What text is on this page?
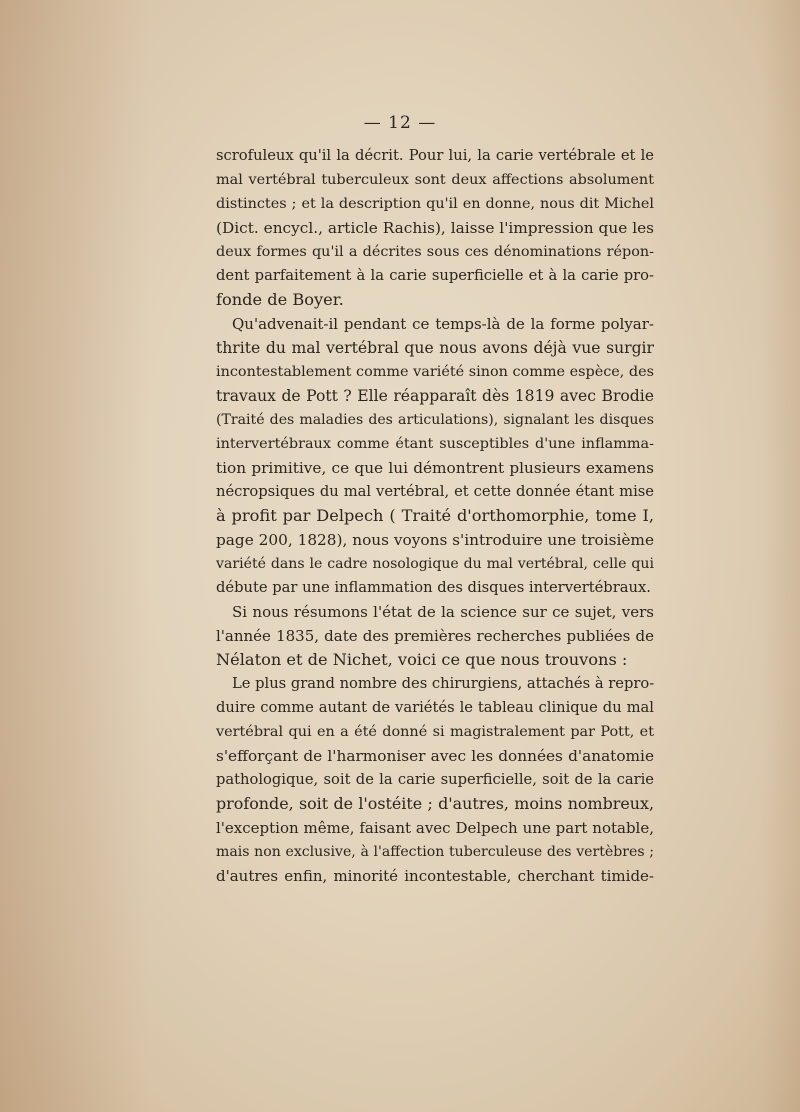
— 12 —
scrofuleux qu'il la décrit. Pour lui, la carie vertébrale et le
mal vertébral tuberculeux sont deux affections absolument
distinctes ; et la description qu'il en donne, nous dit Michel
(Dict. encycl., article Rachis), laisse l'impression que les
deux formes qu'il a décrites sous ces dénominations répon-
dent parfaitement à la carie superficielle et à la carie pro-
fonde de Boyer.
Qu'advenait-il pendant ce temps-là de la forme polyar-
thrite du mal vertébral que nous avons déjà vue surgir
incontestablement comme variété sinon comme espèce, des
travaux de Pott ? Elle réapparaît dès 1819 avec Brodie
(Traité des maladies des articulations), signalant les disques
intervertébraux comme étant susceptibles d'une inflamma-
tion primitive, ce que lui démontrent plusieurs examens
nécropsiques du mal vertébral, et cette donnée étant mise
à profit par Delpech ( Traité d'orthomorphie, tome I,
page 200, 1828), nous voyons s'introduire une troisième
variété dans le cadre nosologique du mal vertébral, celle qui
débute par une inflammation des disques intervertébraux.
Si nous résumons l'état de la science sur ce sujet, vers
l'année 1835, date des premières recherches publiées de
Nélaton et de Nichet, voici ce que nous trouvons :
Le plus grand nombre des chirurgiens, attachés à repro-
duire comme autant de variétés le tableau clinique du mal
vertébral qui en a été donné si magistralement par Pott, et
s'efforçant de l'harmoniser avec les données d'anatomie
pathologique, soit de la carie superficielle, soit de la carie
profonde, soit de l'ostéite ; d'autres, moins nombreux,
l'exception même, faisant avec Delpech une part notable,
mais non exclusive, à l'affection tuberculeuse des vertèbres ;
d'autres enfin, minorité incontestable, cherchant timide-
